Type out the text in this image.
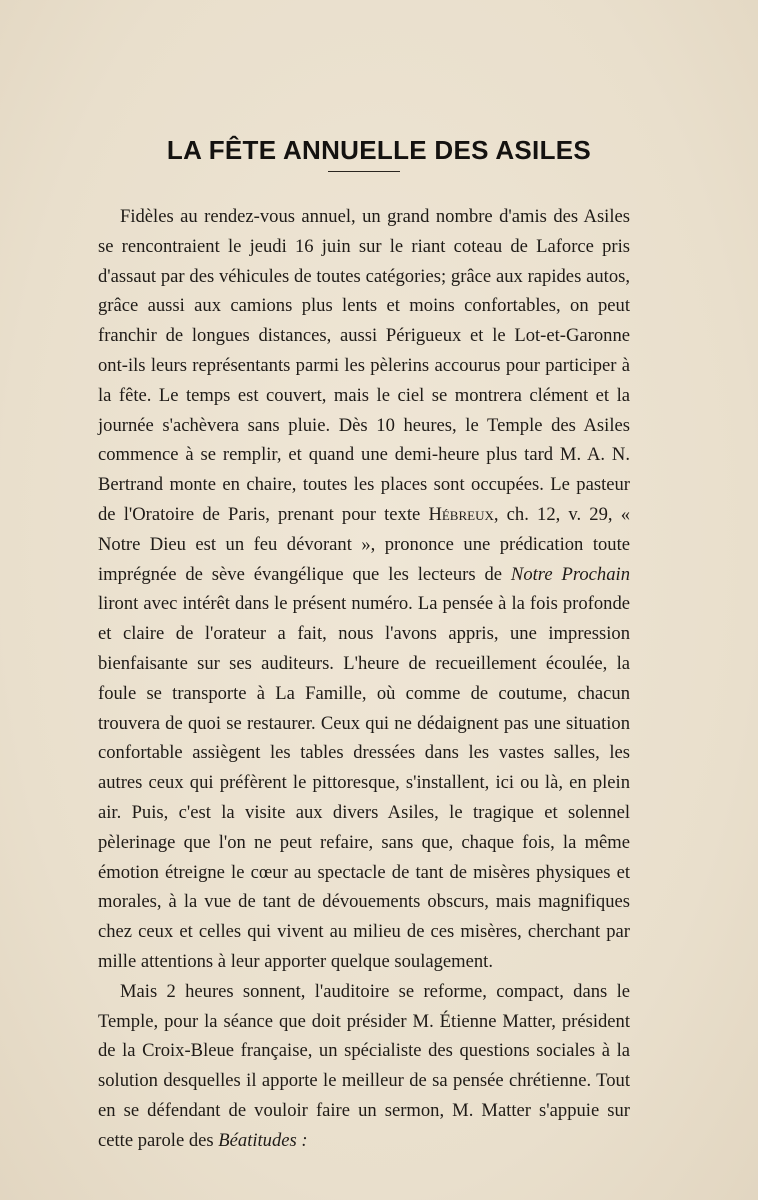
LA FÊTE ANNUELLE DES ASILES

Fidèles au rendez-vous annuel, un grand nombre d'amis des Asiles se rencontraient le jeudi 16 juin sur le riant coteau de Laforce pris d'assaut par des véhicules de toutes catégories; grâce aux rapides autos, grâce aussi aux camions plus lents et moins confortables, on peut franchir de longues distances, aussi Périgueux et le Lot-et-Garonne ont-ils leurs représentants parmi les pèlerins accourus pour participer à la fête. Le temps est couvert, mais le ciel se montrera clément et la journée s'achèvera sans pluie. Dès 10 heures, le Temple des Asiles commence à se remplir, et quand une demi-heure plus tard M. A. N. Bertrand monte en chaire, toutes les places sont occupées. Le pasteur de l'Oratoire de Paris, prenant pour texte Hébreux, ch. 12, v. 29, « Notre Dieu est un feu dévorant », prononce une prédication toute imprégnée de sève évangélique que les lecteurs de Notre Prochain liront avec intérêt dans le présent numéro. La pensée à la fois profonde et claire de l'orateur a fait, nous l'avons appris, une impression bienfaisante sur ses auditeurs. L'heure de recueillement écoulée, la foule se transporte à La Famille, où comme de coutume, chacun trouvera de quoi se restaurer. Ceux qui ne dédaignent pas une situation confortable assiègent les tables dressées dans les vastes salles, les autres ceux qui préfèrent le pittoresque, s'installent, ici ou là, en plein air. Puis, c'est la visite aux divers Asiles, le tragique et solennel pèlerinage que l'on ne peut refaire, sans que, chaque fois, la même émotion étreigne le cœur au spectacle de tant de misères physiques et morales, à la vue de tant de dévouements obscurs, mais magnifiques chez ceux et celles qui vivent au milieu de ces misères, cherchant par mille attentions à leur apporter quelque soulagement.

Mais 2 heures sonnent, l'auditoire se reforme, compact, dans le Temple, pour la séance que doit présider M. Étienne Matter, président de la Croix-Bleue française, un spécialiste des questions sociales à la solution desquelles il apporte le meilleur de sa pensée chrétienne. Tout en se défendant de vouloir faire un sermon, M. Matter s'appuie sur cette parole des Béatitudes :
